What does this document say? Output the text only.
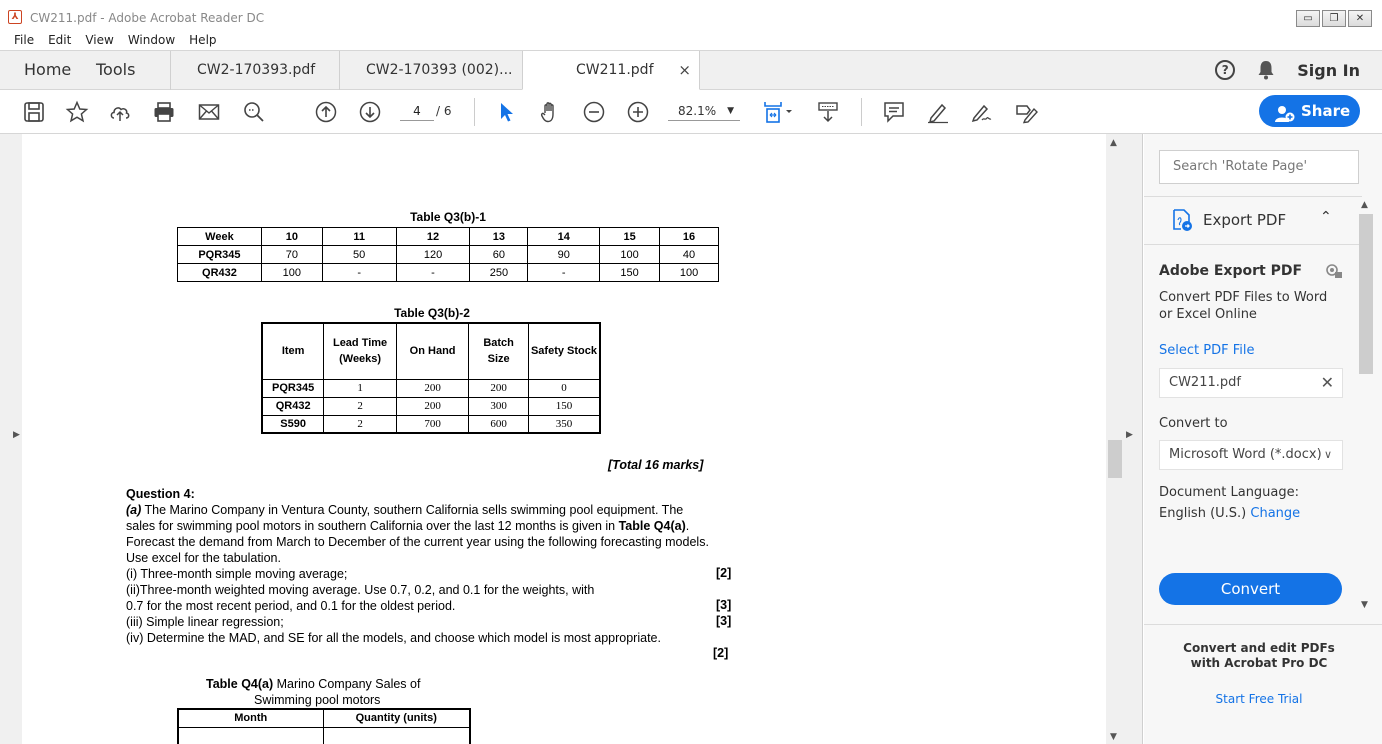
⅄ CW211.pdf - Adobe Acrobat Reader DC	▭	❐	✕
File Edit View Window Help
Home Tools	CW2-170393.pdf	CW2-170393 (002)...	CW211.pdf ×	?	Sign In
4	/ 6	82.1% ▼	Share
▶
Table Q3(b)-1
Week	10	11	12	13	14	15	16
PQR345	70	50	120	60	90	100	40
QR432	100	-	-	250	-	150	100
Table Q3(b)-2
Item	Lead Time (Weeks)	On Hand	Batch Size	Safety Stock
PQR345	1	200	200	0
QR432	2	200	300	150
S590	2	700	600	350
[Total 16 marks]
Question 4:
(a) The Marino Company in Ventura County, southern California sells swimming pool equipment. The
sales for swimming pool motors in southern California over the last 12 months is given in Table Q4(a).
Forecast the demand from March to December of the current year using the following forecasting models.
Use excel for the tabulation.
(i) Three-month simple moving average;	[2]
(ii)Three-month weighted moving average. Use 0.7, 0.2, and 0.1 for the weights, with
0.7 for the most recent period, and 0.1 for the oldest period.	[3]
(iii) Simple linear regression;	[3]
(iv) Determine the MAD, and SE for all the models, and choose which model is most appropriate.
[2]
Table Q4(a) Marino Company Sales of
Swimming pool motors
Month	Quantity (units)

▲
▼
▶
Search 'Rotate Page'
Export PDF ⌃
Adobe Export PDF
Convert PDF Files to Word
or Excel Online
Select PDF File
CW211.pdf	✕
Convert to
Microsoft Word (*.docx) ∨
Document Language:
English (U.S.) Change
Convert
Convert and edit PDFs
with Acrobat Pro DC
Start Free Trial
▲
▼
